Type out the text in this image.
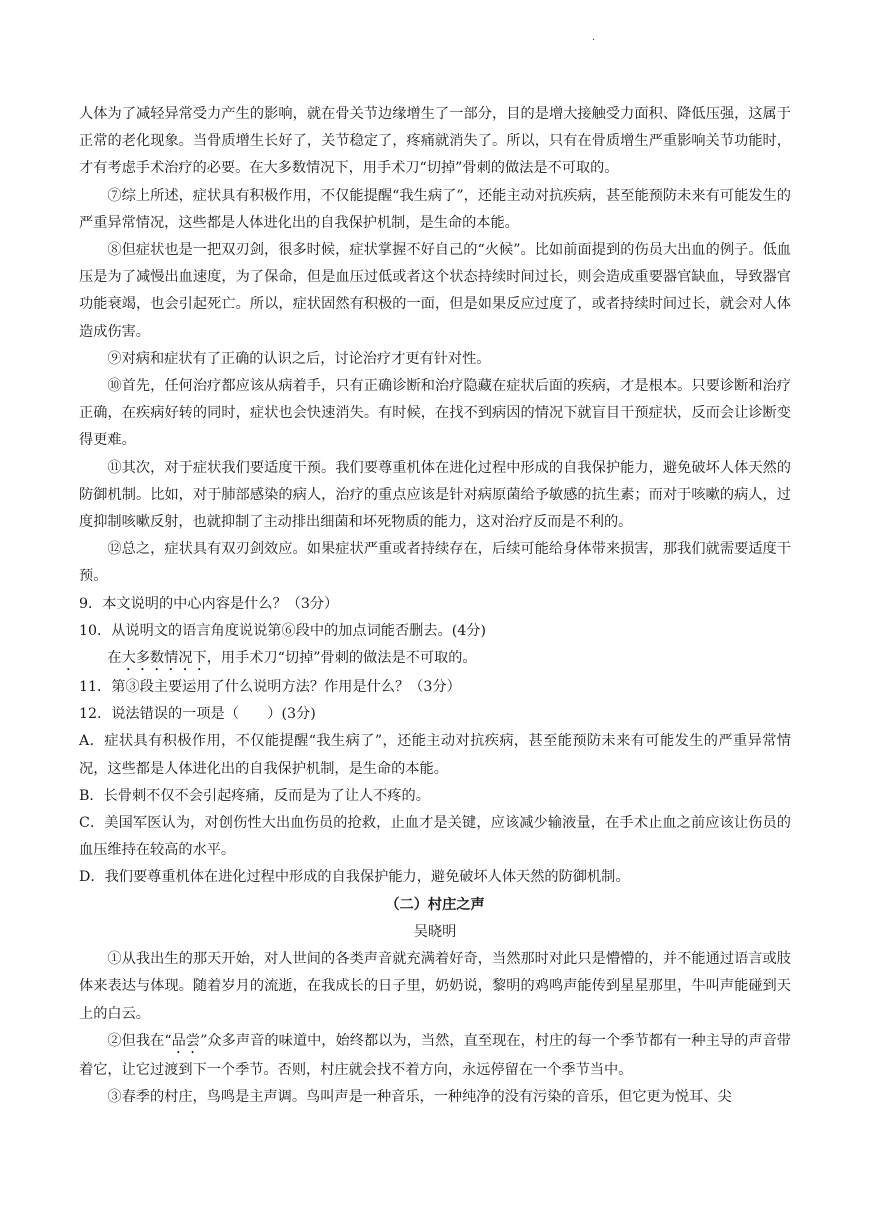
·

人体为了减轻异常受力产生的影响，就在骨关节边缘增生了一部分，目的是增大接触受力面积、降低压强，这属于正常的老化现象。当骨质增生长好了，关节稳定了，疼痛就消失了。所以，只有在骨质增生严重影响关节功能时，才有考虑手术治疗的必要。在大多数情况下，用手术刀“切掉”骨刺的做法是不可取的。

⑦综上所述，症状具有积极作用，不仅能提醒“我生病了”，还能主动对抗疾病，甚至能预防未来有可能发生的严重异常情况，这些都是人体进化出的自我保护机制，是生命的本能。

⑧但症状也是一把双刃剑，很多时候，症状掌握不好自己的“火候”。比如前面提到的伤员大出血的例子。低血压是为了减慢出血速度，为了保命，但是血压过低或者这个状态持续时间过长，则会造成重要器官缺血，导致器官功能衰竭，也会引起死亡。所以，症状固然有积极的一面，但是如果反应过度了，或者持续时间过长，就会对人体造成伤害。

⑨对病和症状有了正确的认识之后，讨论治疗才更有针对性。

⑩首先，任何治疗都应该从病着手，只有正确诊断和治疗隐藏在症状后面的疾病，才是根本。只要诊断和治疗正确，在疾病好转的同时，症状也会快速消失。有时候，在找不到病因的情况下就盲目干预症状，反而会让诊断变得更难。

⑪其次，对于症状我们要适度干预。我们要尊重机体在进化过程中形成的自我保护能力，避免破坏人体天然的防御机制。比如，对于肺部感染的病人，治疗的重点应该是针对病原菌给予敏感的抗生素；而对于咳嗽的病人，过度抑制咳嗽反射，也就抑制了主动排出细菌和坏死物质的能力，这对治疗反而是不利的。

⑫总之，症状具有双刃剑效应。如果症状严重或者持续存在，后续可能给身体带来损害，那我们就需要适度干预。

9．本文说明的中心内容是什么？（3分）

10．从说明文的语言角度说说第⑥段中的加点词能否删去。(4分)

在大多数情况下，用手术刀“切掉”骨刺的做法是不可取的。

11．第③段主要运用了什么说明方法？作用是什么？（3分）

12．说法错误的一项是（　　）(3分)

A．症状具有积极作用，不仅能提醒“我生病了”，还能主动对抗疾病，甚至能预防未来有可能发生的严重异常情况，这些都是人体进化出的自我保护机制，是生命的本能。

B．长骨刺不仅不会引起疼痛，反而是为了让人不疼的。

C．美国军医认为，对创伤性大出血伤员的抢救，止血才是关键，应该减少输液量，在手术止血之前应该让伤员的血压维持在较高的水平。

D．我们要尊重机体在进化过程中形成的自我保护能力，避免破坏人体天然的防御机制。

（二）村庄之声

吴晓明

①从我出生的那天开始，对人世间的各类声音就充满着好奇，当然那时对此只是懵懵的，并不能通过语言或肢体来表达与体现。随着岁月的流逝，在我成长的日子里，奶奶说，黎明的鸡鸣声能传到星星那里，牛叫声能碰到天上的白云。

②但我在“品尝”众多声音的味道中，始终都以为，当然，直至现在，村庄的每一个季节都有一种主导的声音带着它，让它过渡到下一个季节。否则，村庄就会找不着方向，永远停留在一个季节当中。

③春季的村庄，鸟鸣是主声调。鸟叫声是一种音乐，一种纯净的没有污染的音乐，但它更为悦耳、尖
